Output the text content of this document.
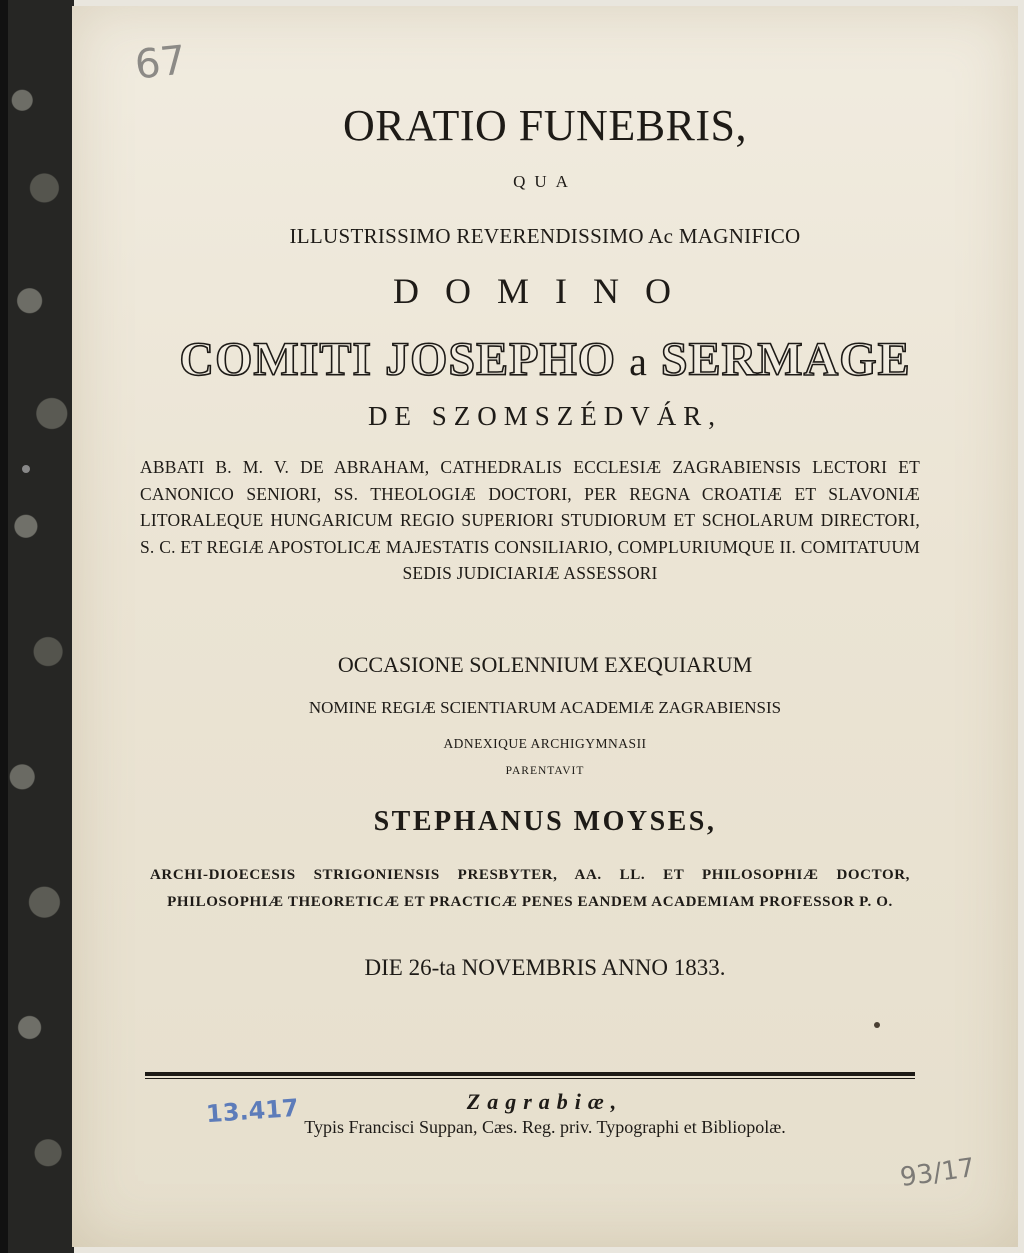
67
ORATIO FUNEBRIS,
QUA
ILLUSTRISSIMO REVERENDISSIMO Ac MAGNIFICO
DOMINO
COMITI JOSEPHO a SERMAGE
DE SZOMSZÉDVÁR,
ABBATI B. M. V. DE ABRAHAM, CATHEDRALIS ECCLESIÆ ZAGRABIENSIS LECTORI ET CANONICO SENIORI, SS. THEOLOGIÆ DOCTORI, PER REGNA CROATIÆ ET SLAVONIÆ LITORALEQUE HUNGARICUM REGIO SUPERIORI STUDIORUM ET SCHOLARUM DIRECTORI, S. C. ET REGIÆ APOSTOLICÆ MAJESTATIS CONSILIARIO, COMPLURIUMQUE II. COMITATUUM SEDIS JUDICIARIÆ ASSESSORI
OCCASIONE SOLENNIUM EXEQUIARUM
NOMINE REGIÆ SCIENTIARUM ACADEMIÆ ZAGRABIENSIS
ADNEXIQUE ARCHIGYMNASII
PARENTAVIT
STEPHANUS MOYSES,
ARCHI-DIOECESIS STRIGONIENSIS PRESBYTER, AA. LL. ET PHILOSOPHIÆ DOCTOR, PHILOSOPHIÆ THEORETICÆ ET PRACTICÆ PENES EANDEM ACADEMIAM PROFESSOR P. O.
DIE 26-ta NOVEMBRIS ANNO 1833.
Zagrabiæ,
Typis Francisci Suppan, Cæs. Reg. priv. Typographi et Bibliopolæ.
13.417
93/17
